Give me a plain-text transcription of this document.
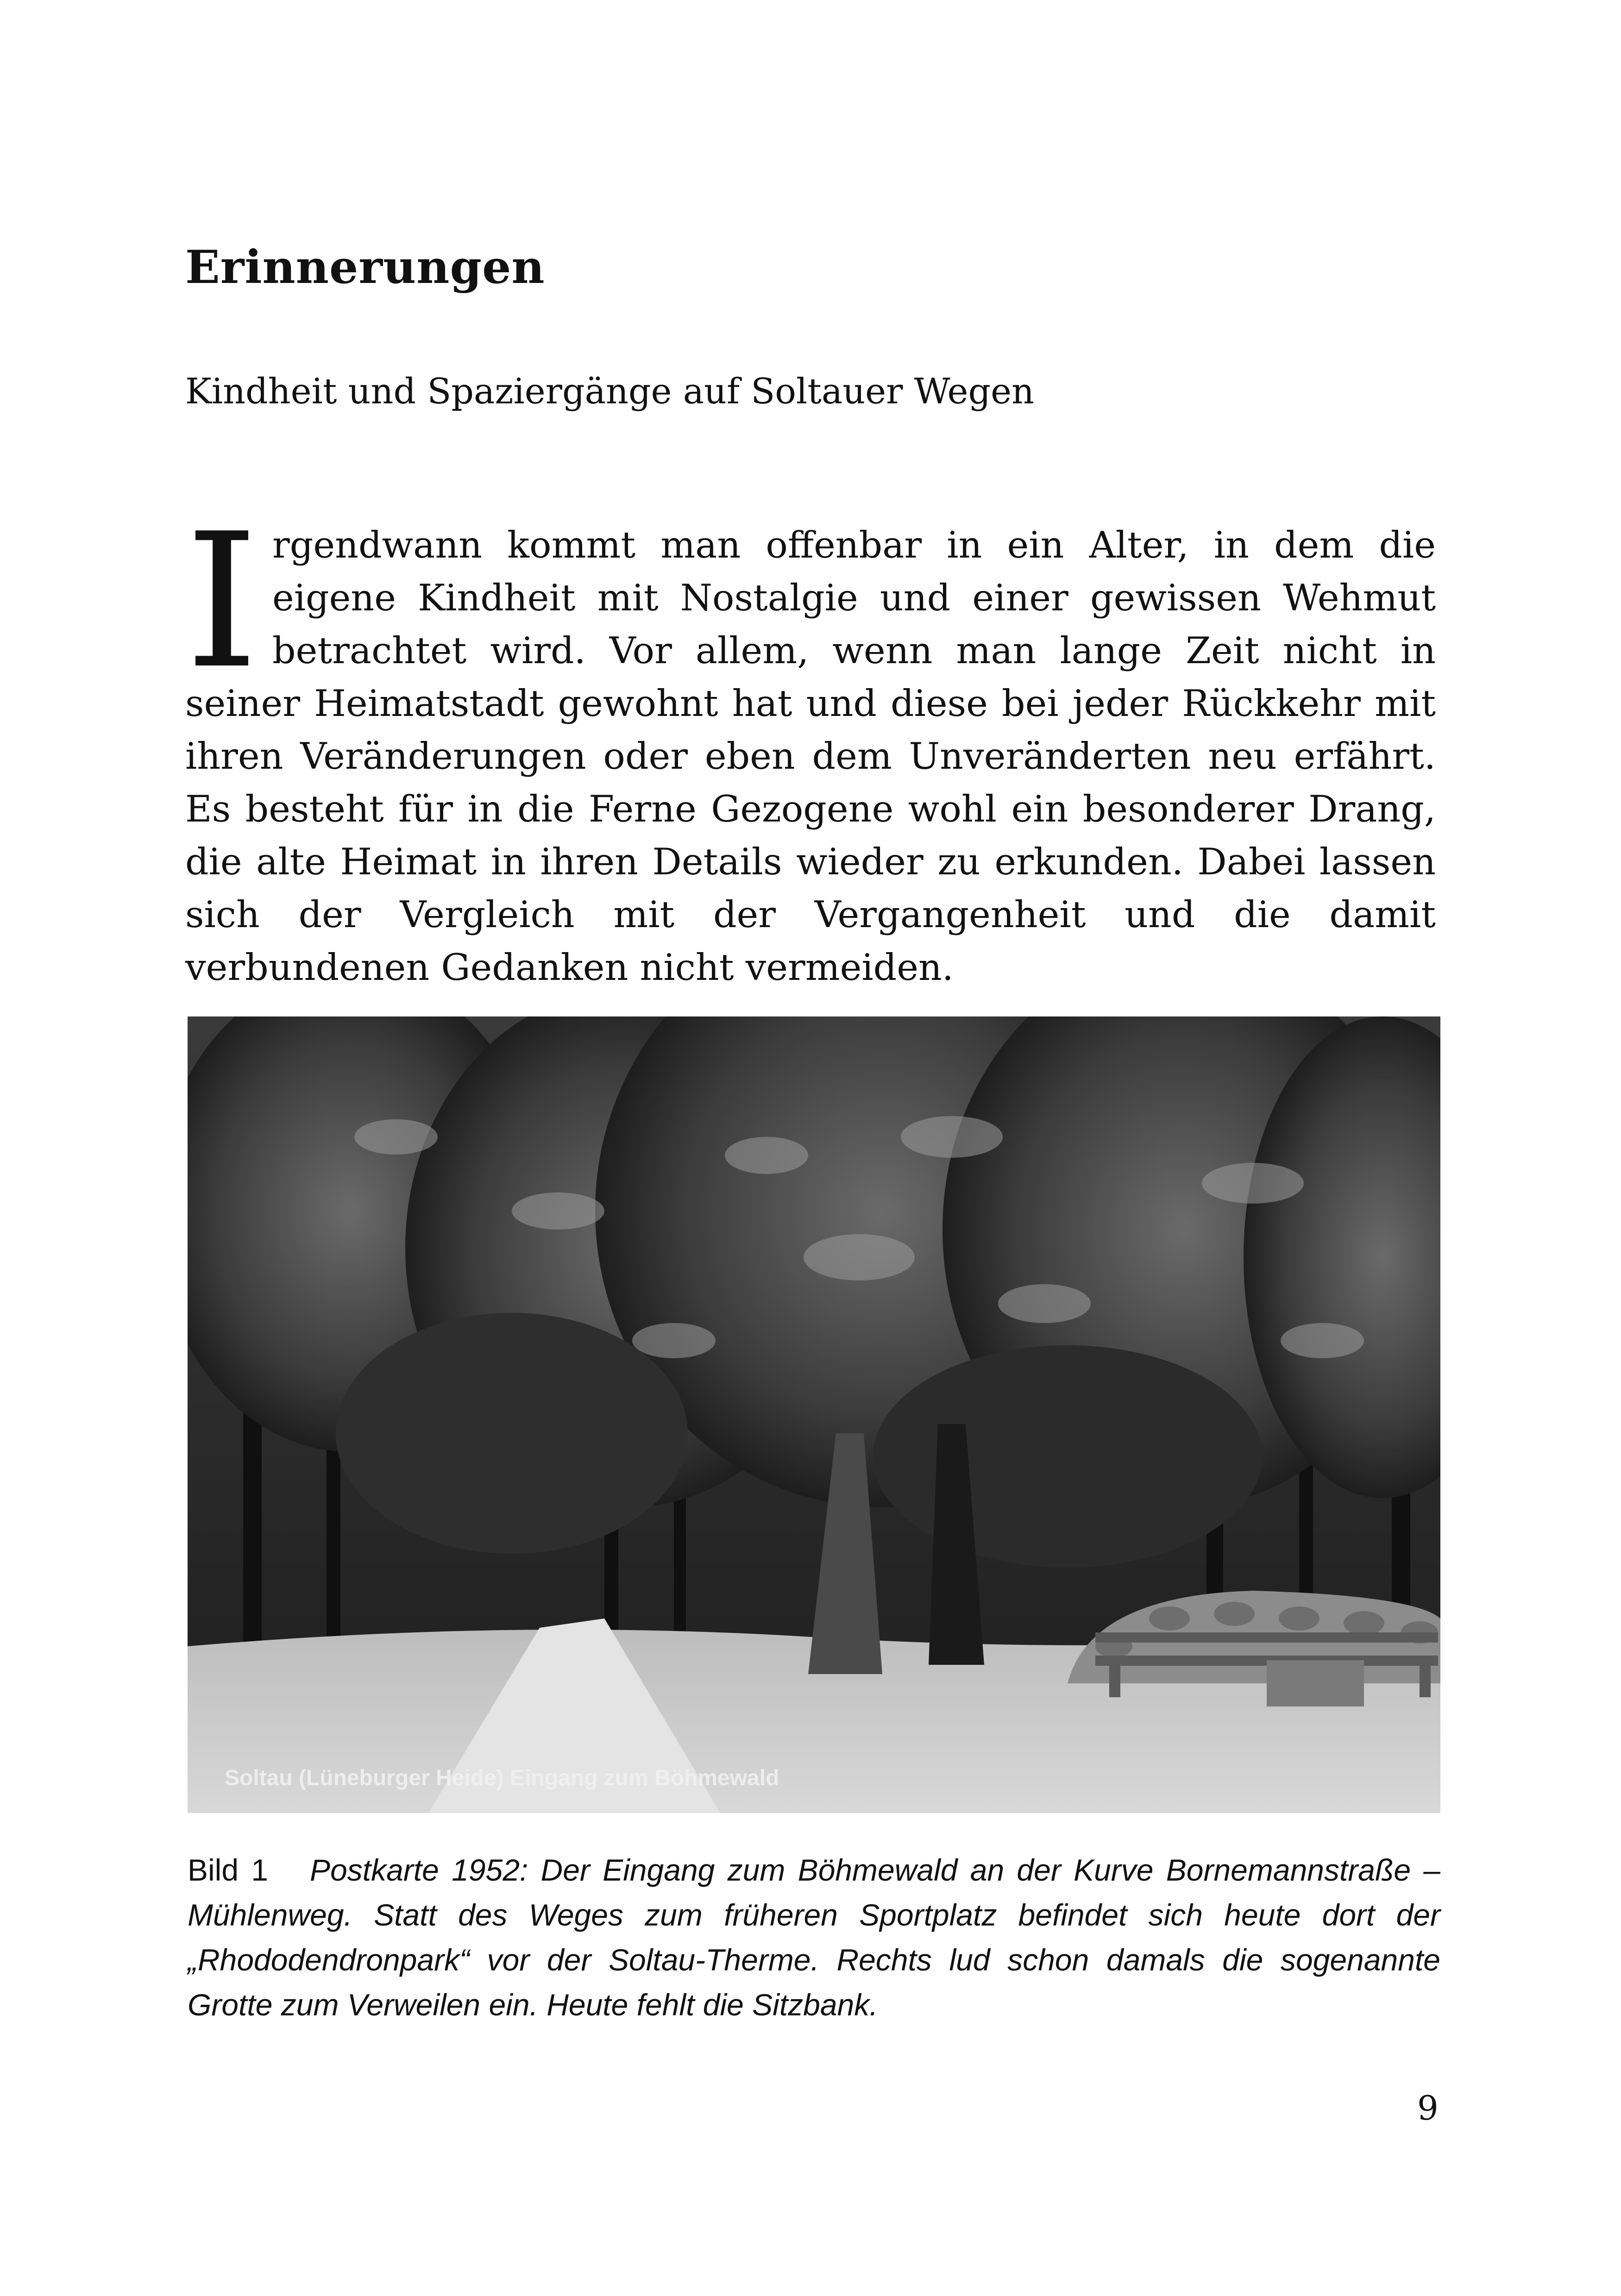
Erinnerungen

Kindheit und Spaziergänge auf Soltauer Wegen

Irgendwann kommt man offenbar in ein Alter, in dem die eigene Kindheit mit Nostalgie und einer gewissen Wehmut betrachtet wird. Vor allem, wenn man lange Zeit nicht in seiner Heimatstadt gewohnt hat und diese bei jeder Rückkehr mit ihren Veränderungen oder eben dem Unveränderten neu erfährt. Es besteht für in die Ferne Gezogene wohl ein besonderer Drang, die alte Heimat in ihren Details wieder zu erkunden. Dabei lassen sich der Vergleich mit der Vergangenheit und die damit verbundenen Gedanken nicht vermeiden.

Soltau (Lüneburger Heide) Eingang zum Böhmewald

Bild 1 Postkarte 1952: Der Eingang zum Böhmewald an der Kurve Bornemannstraße – Mühlenweg. Statt des Weges zum früheren Sportplatz befindet sich heute dort der „Rhododendronpark“ vor der Soltau-Therme. Rechts lud schon damals die sogenannte Grotte zum Verweilen ein. Heute fehlt die Sitzbank.

9
